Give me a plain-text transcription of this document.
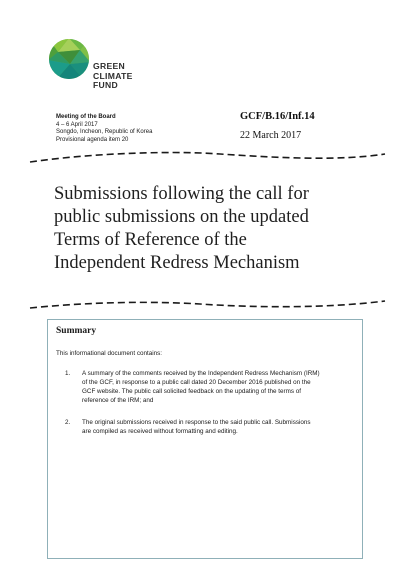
GREEN
CLIMATE
FUND
Meeting of the Board
4 – 6 April 2017
Songdo, Incheon, Republic of Korea
Provisional agenda item 20
GCF/B.16/Inf.14
22 March 2017
Submissions following the call for
public submissions on the updated
Terms of Reference of the
Independent Redress Mechanism
Summary
This informational document contains:
1. A summary of the comments received by the Independent Redress Mechanism (IRM)
of the GCF, in response to a public call dated 20 December 2016 published on the
GCF website. The public call solicited feedback on the updating of the terms of
reference of the IRM; and
2. The original submissions received in response to the said public call. Submissions
are compiled as received without formatting and editing.
